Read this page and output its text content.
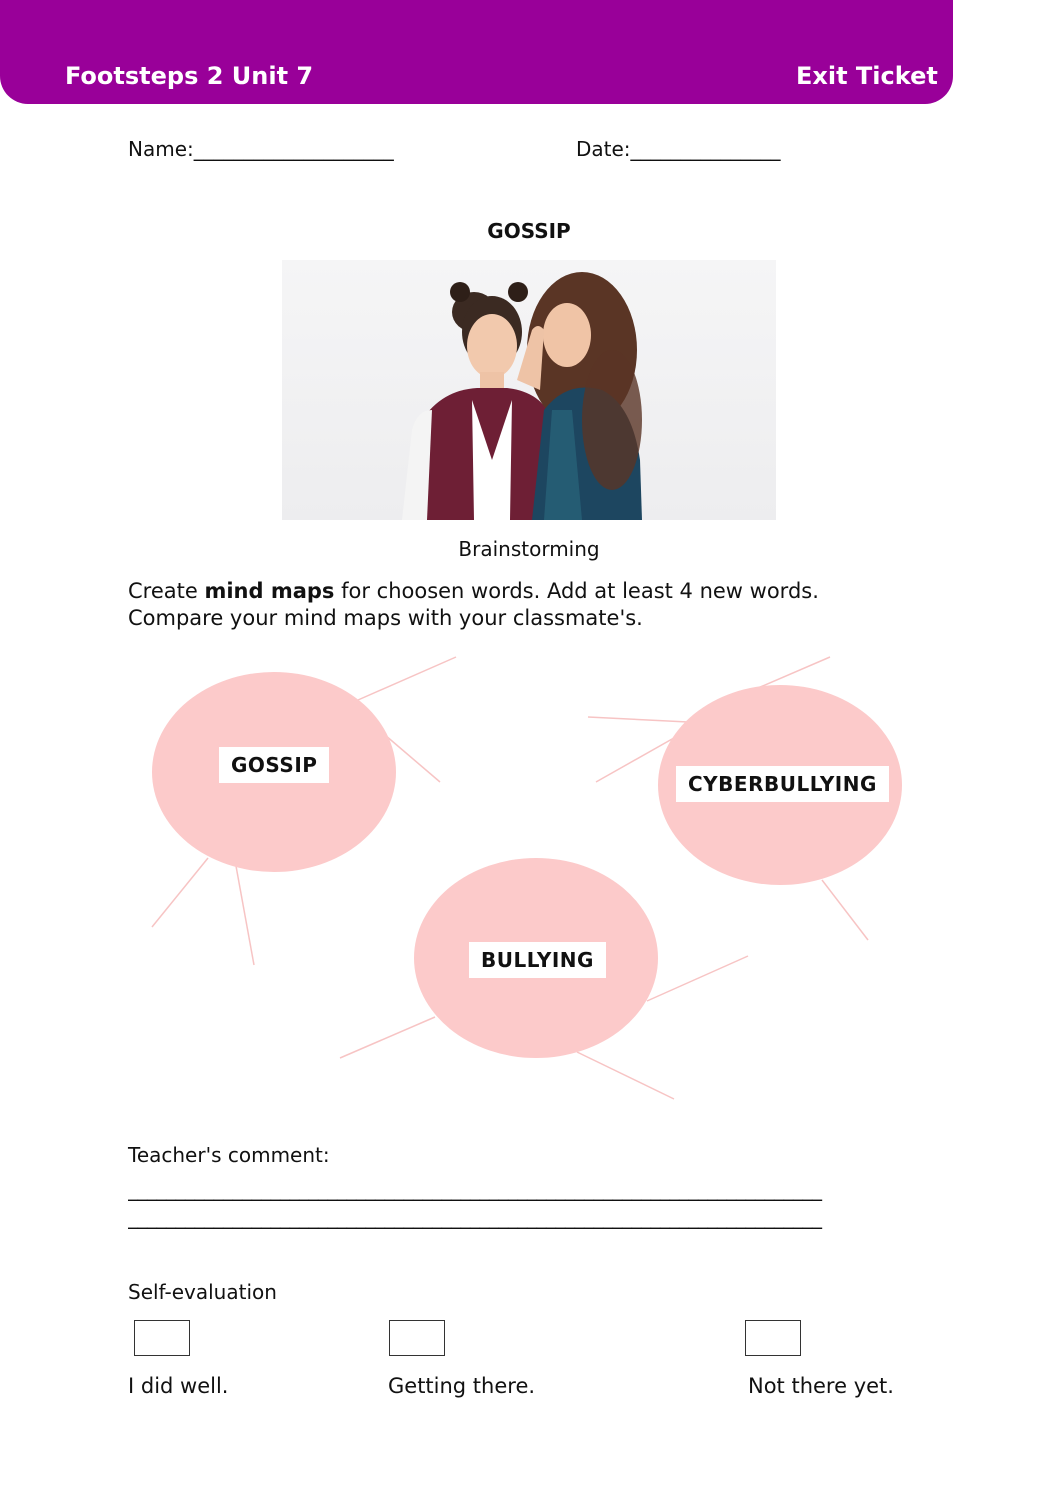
Footsteps 2 Unit 7	Exit Ticket
Name:____________________	Date:_______________
GOSSIP
Brainstorming
Create mind maps for choosen words. Add at least 4 new words.
Compare your mind maps with your classmate's.
GOSSIP
CYBERBULLYING
BULLYING
Teacher's comment:
_________________________________________________________________________
_________________________________________________________________________
Self-evaluation
I did well.	Getting there.	Not there yet.
